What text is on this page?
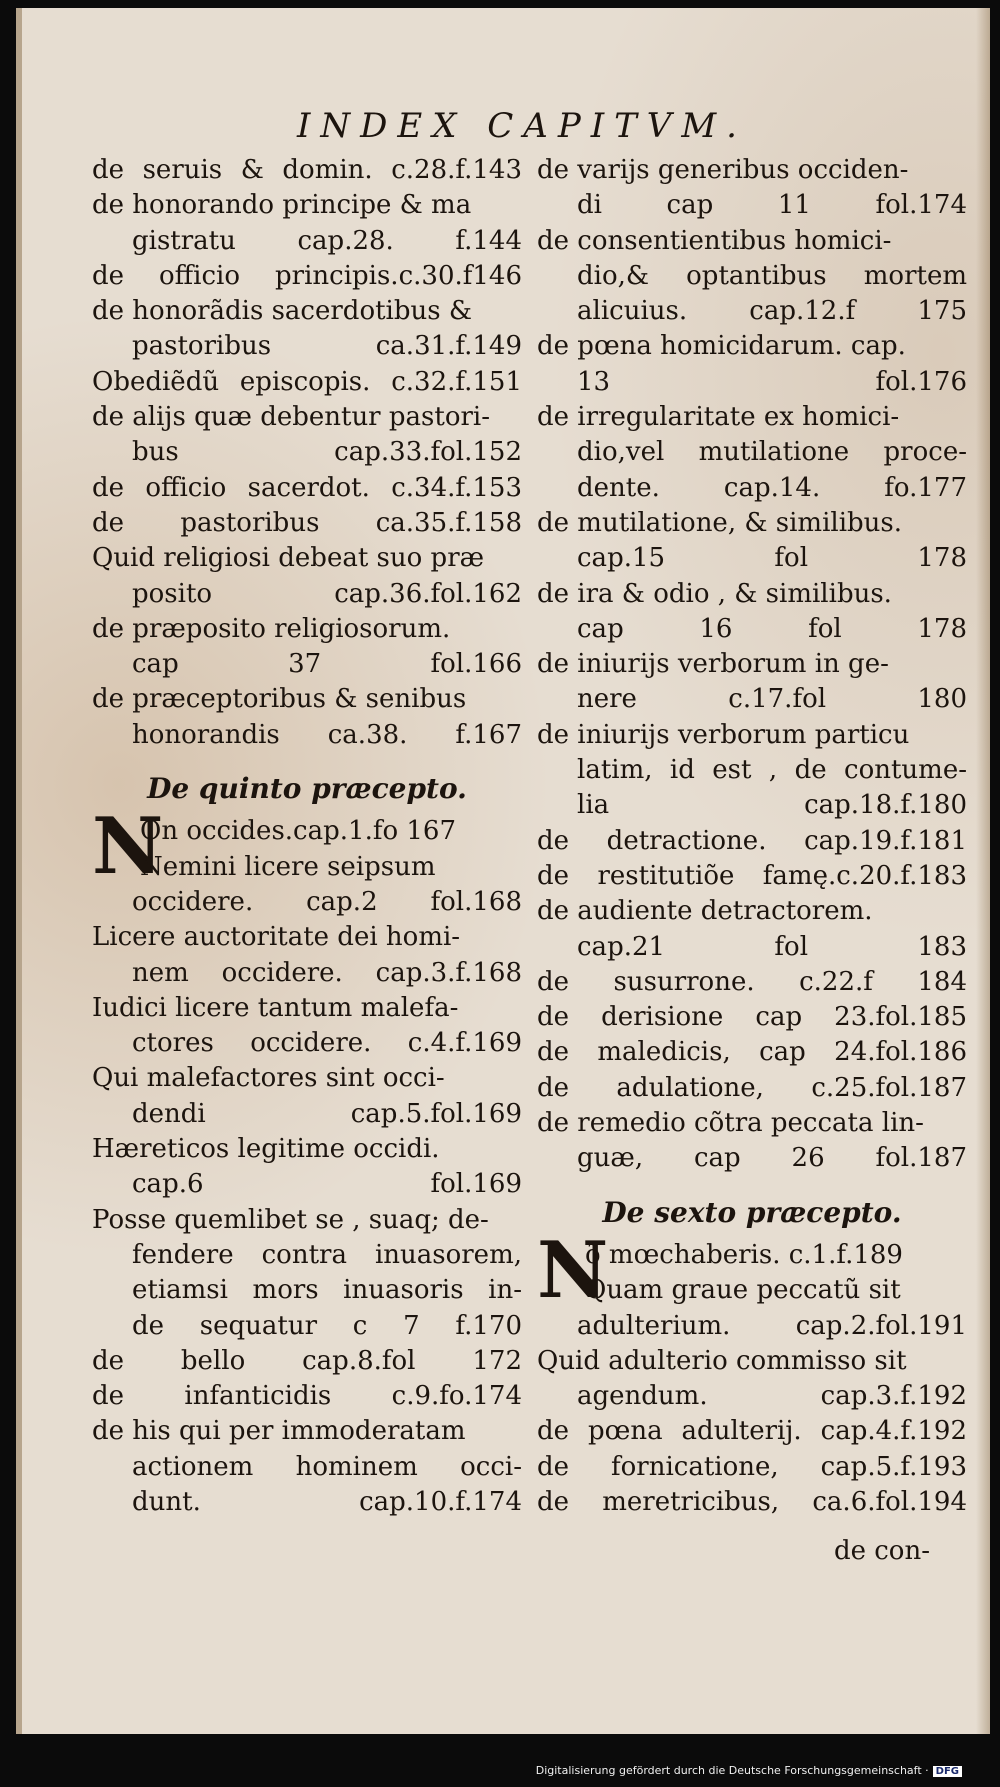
INDEX CAPITVM.
de seruis & domin. c.28.f.143
de honorando principe & ma
gistratu cap.28. f.144
de officio principis.c.30.f146
de honorãdis sacerdotibus &
pastoribus ca.31.f.149
Obediẽdũ episcopis. c.32.f.151
de alijs quæ debentur pastori-
bus cap.33.fol.152
de officio sacerdot. c.34.f.153
de pastoribus ca.35.f.158
Quid religiosi debeat suo præ
posito cap.36.fol.162
de præposito religiosorum.
cap 37 fol.166
de præceptoribus & senibus
honorandis ca.38. f.167
De quinto præcepto.
N
On occides.cap.1.fo 167
Nemini licere seipsum
occidere. cap.2 fol.168
Licere auctoritate dei homi-
nem occidere. cap.3.f.168
Iudici licere tantum malefa-
ctores occidere. c.4.f.169
Qui malefactores sint occi-
dendi cap.5.fol.169
Hæreticos legitime occidi.
cap.6 fol.169
Posse quemlibet se , suaq; de-
fendere contra inuasorem,
etiamsi mors inuasoris in-
de sequatur c 7 f.170
de bello cap.8.fol 172
de infanticidis c.9.fo.174
de his qui per immoderatam
actionem hominem occi-
dunt. cap.10.f.174
de varijs generibus occiden-
di cap 11 fol.174
de consentientibus homici-
dio,& optantibus mortem
alicuius. cap.12.f 175
de pœna homicidarum. cap.
13 fol.176
de irregularitate ex homici-
dio,vel mutilatione proce-
dente. cap.14. fo.177
de mutilatione, & similibus.
cap.15 fol 178
de ira & odio , & similibus.
cap 16 fol 178
de iniurijs verborum in ge-
nere c.17.fol 180
de iniurijs verborum particu
latim, id est , de contume-
lia cap.18.f.180
de detractione. cap.19.f.181
de restitutiõe famę.c.20.f.183
de audiente detractorem.
cap.21 fol 183
de susurrone. c.22.f 184
de derisione cap 23.fol.185
de maledicis, cap 24.fol.186
de adulatione, c.25.fol.187
de remedio cõtra peccata lin-
guæ, cap 26 fol.187
De sexto præcepto.
N
õ mœchaberis. c.1.f.189
Quam graue peccatũ sit
adulterium. cap.2.fol.191
Quid adulterio commisso sit
agendum. cap.3.f.192
de pœna adulterij. cap.4.f.192
de fornicatione, cap.5.f.193
de meretricibus, ca.6.fol.194
de con-
Digitalisierung gefördert durch die Deutsche Forschungsgemeinschaft · DFG
